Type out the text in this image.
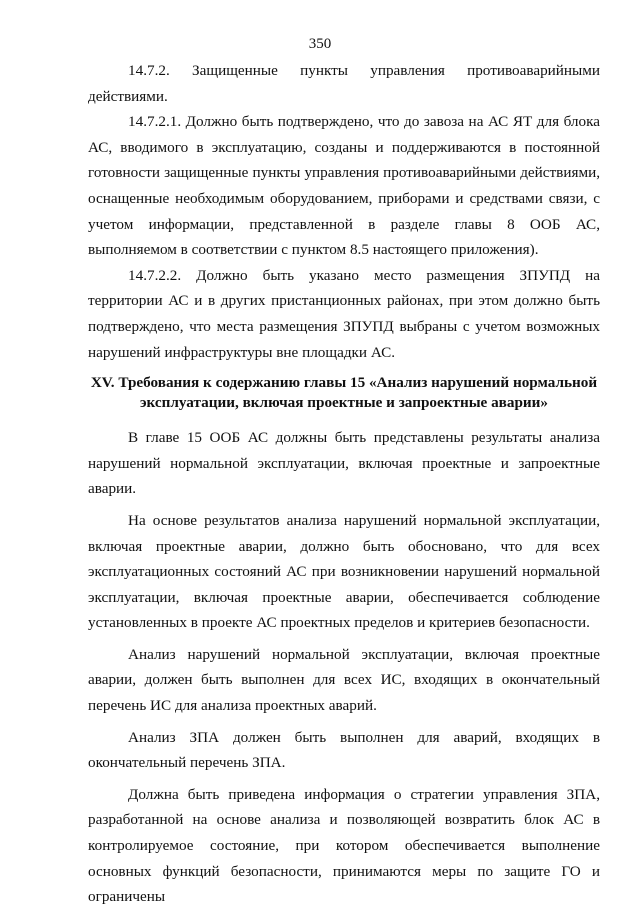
350

14.7.2. Защищенные пункты управления противоаварийными действиями.

14.7.2.1. Должно быть подтверждено, что до завоза на АС ЯТ для блока АС, вводимого в эксплуатацию, созданы и поддерживаются в постоянной готовности защищенные пункты управления противоаварийными действиями, оснащенные необходимым оборудованием, приборами и средствами связи, с учетом информации, представленной в разделе главы 8 ООБ АС, выполняемом в соответствии с пунктом 8.5 настоящего приложения).

14.7.2.2. Должно быть указано место размещения ЗПУПД на территории АС и в других пристанционных районах, при этом должно быть подтверждено, что места размещения ЗПУПД выбраны с учетом возможных нарушений инфраструктуры вне площадки АС.

XV. Требования к содержанию главы 15 «Анализ нарушений нормальной
эксплуатации, включая проектные и запроектные аварии»

В главе 15 ООБ АС должны быть представлены результаты анализа нарушений нормальной эксплуатации, включая проектные и запроектные аварии.

На основе результатов анализа нарушений нормальной эксплуатации, включая проектные аварии, должно быть обосновано, что для всех эксплуатационных состояний АС при возникновении нарушений нормальной эксплуатации, включая проектные аварии, обеспечивается соблюдение установленных в проекте АС проектных пределов и критериев безопасности.

Анализ нарушений нормальной эксплуатации, включая проектные аварии, должен быть выполнен для всех ИС, входящих в окончательный перечень ИС для анализа проектных аварий.

Анализ ЗПА должен быть выполнен для аварий, входящих в окончательный перечень ЗПА.

Должна быть приведена информация о стратегии управления ЗПА, разработанной на основе анализа и позволяющей возвратить блок АС в контролируемое состояние, при котором обеспечивается выполнение основных функций безопасности, принимаются меры по защите ГО и ограничены
